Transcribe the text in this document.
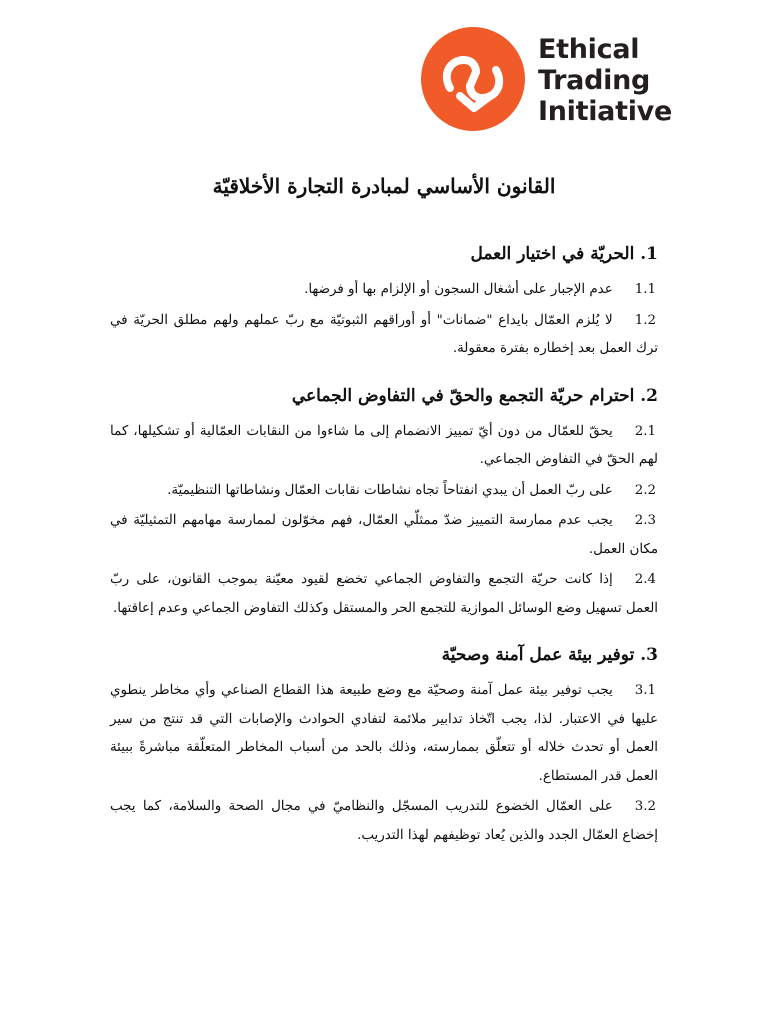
Ethical
Trading
Initiative
القانون الأساسي لمبادرة التجارة الأخلاقيّة
1. الحريّة في اختيار العمل

1.1عدم الإجبار على أشغال السجون أو الإلزام بها أو فرضها.

1.2لا يُلزم العمّال بايداع "ضمانات" أو أوراقهم الثبوتيّة مع ربّ عملهم ولهم مطلق الحريّة في ترك العمل بعد إخطاره بفترة معقولة.

2. احترام حريّة التجمع والحقّ في التفاوض الجماعي

2.1يحقّ للعمّال من دون أيّ تمييز الانضمام إلى ما شاءوا من النقابات العمّالية أو تشكيلها، كما لهم الحقّ في التفاوض الجماعي.

2.2على ربّ العمل أن يبدي انفتاحاً تجاه نشاطات نقابات العمّال ونشاطاتها التنظيميّة.

2.3يجب عدم ممارسة التمييز ضدّ ممثلّي العمّال، فهم مخوّلون لممارسة مهامهم التمثيليّة في مكان العمل.

2.4إذا كانت حريّة التجمع والتفاوض الجماعي تخضع لقيود معيّنة بموجب القانون، على ربّ العمل تسهيل وضع الوسائل الموازية للتجمع الحر والمستقل وكذلك التفاوض الجماعي وعدم إعاقتها.

3. توفير بيئة عمل آمنة وصحيّة

3.1يجب توفير بيئة عمل آمنة وصحيّة مع وضع طبيعة هذا القطاع الصناعي وأي مخاطر ينطوي عليها في الاعتبار. لذا، يجب اتّخاذ تدابير ملائمة لتفادي الحوادث والإصابات التي قد تنتج من سير العمل أو تحدث خلاله أو تتعلّق بممارسته، وذلك بالحد من أسباب المخاطر المتعلّقة مباشرةً ببيئة العمل قدر المستطاع.

3.2على العمّال الخضوع للتدريب المسجّل والنظاميّ في مجال الصحة والسلامة، كما يجب إخضاع العمّال الجدد والذين يُعاد توظيفهم لهذا التدريب.
